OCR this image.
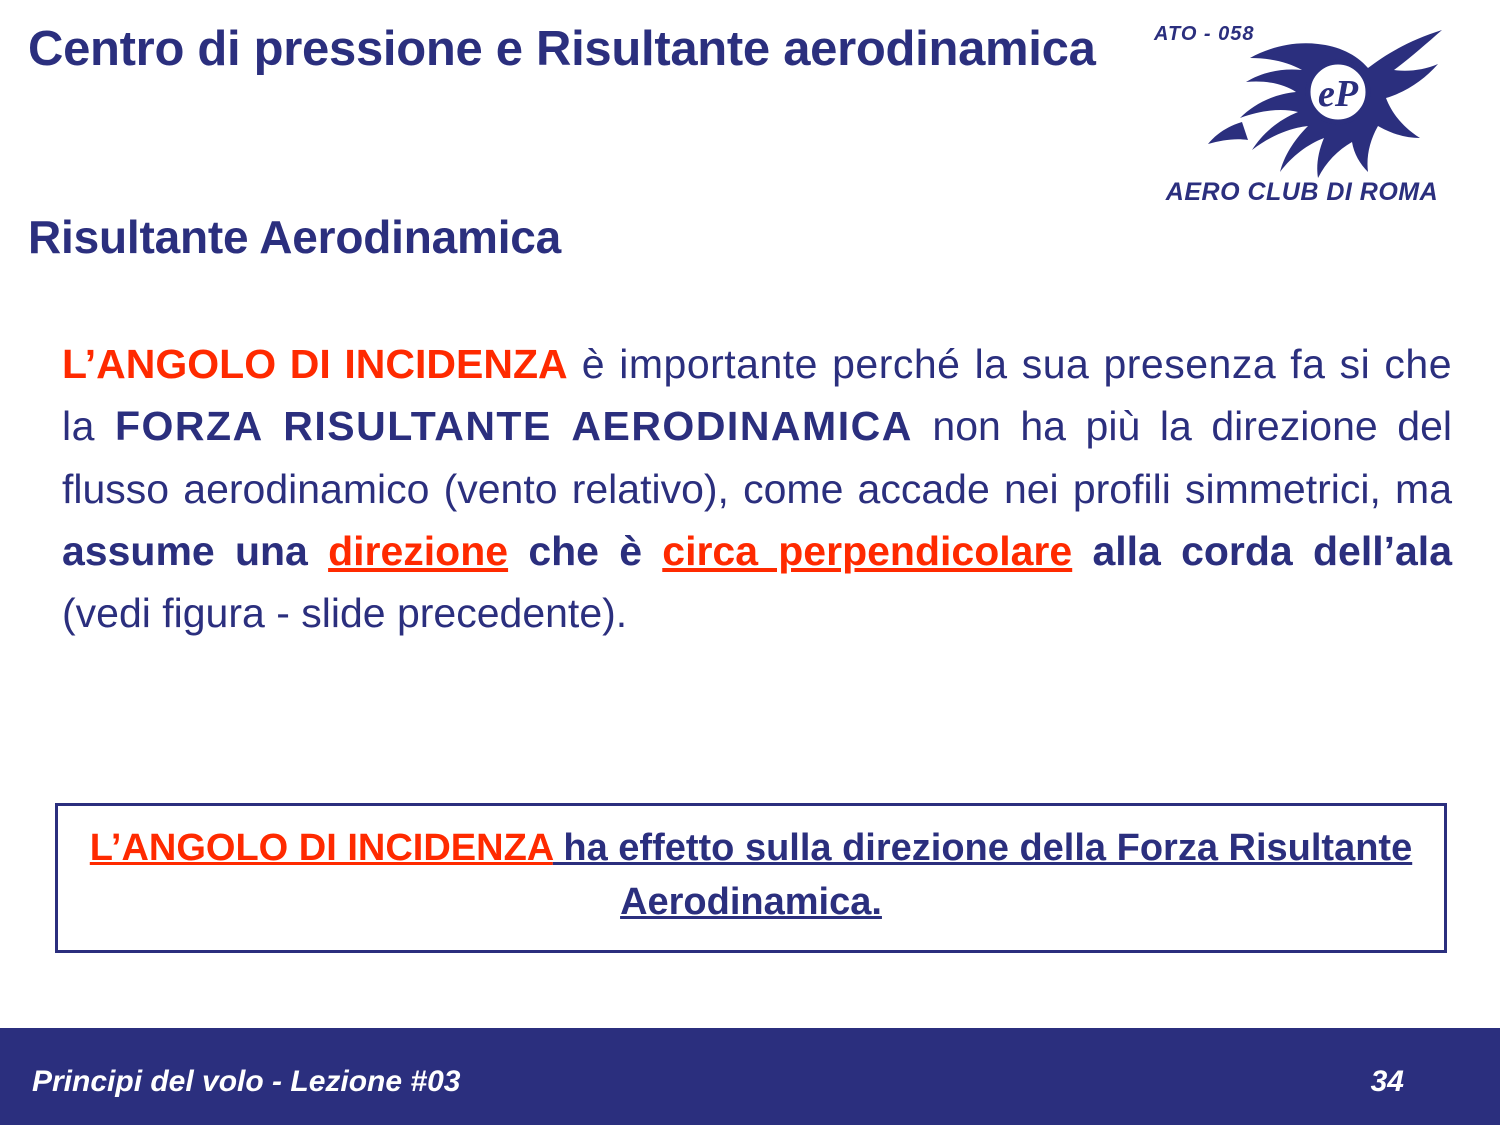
Centro di pressione e Risultante aerodinamica	ATO - 058
eP
AERO CLUB DI ROMA
Risultante Aerodinamica
L’ANGOLO DI INCIDENZA è importante perché la sua presenza fa si che la FORZA RISULTANTE AERODINAMICA non ha più la direzione del flusso aerodinamico (vento relativo), come accade nei profili simmetrici, ma assume una direzione che è circa perpendicolare alla corda dell’ala (vedi figura - slide precedente).
L’ANGOLO DI INCIDENZA ha effetto sulla direzione della Forza Risultante Aerodinamica.
Principi del volo - Lezione #03	34
